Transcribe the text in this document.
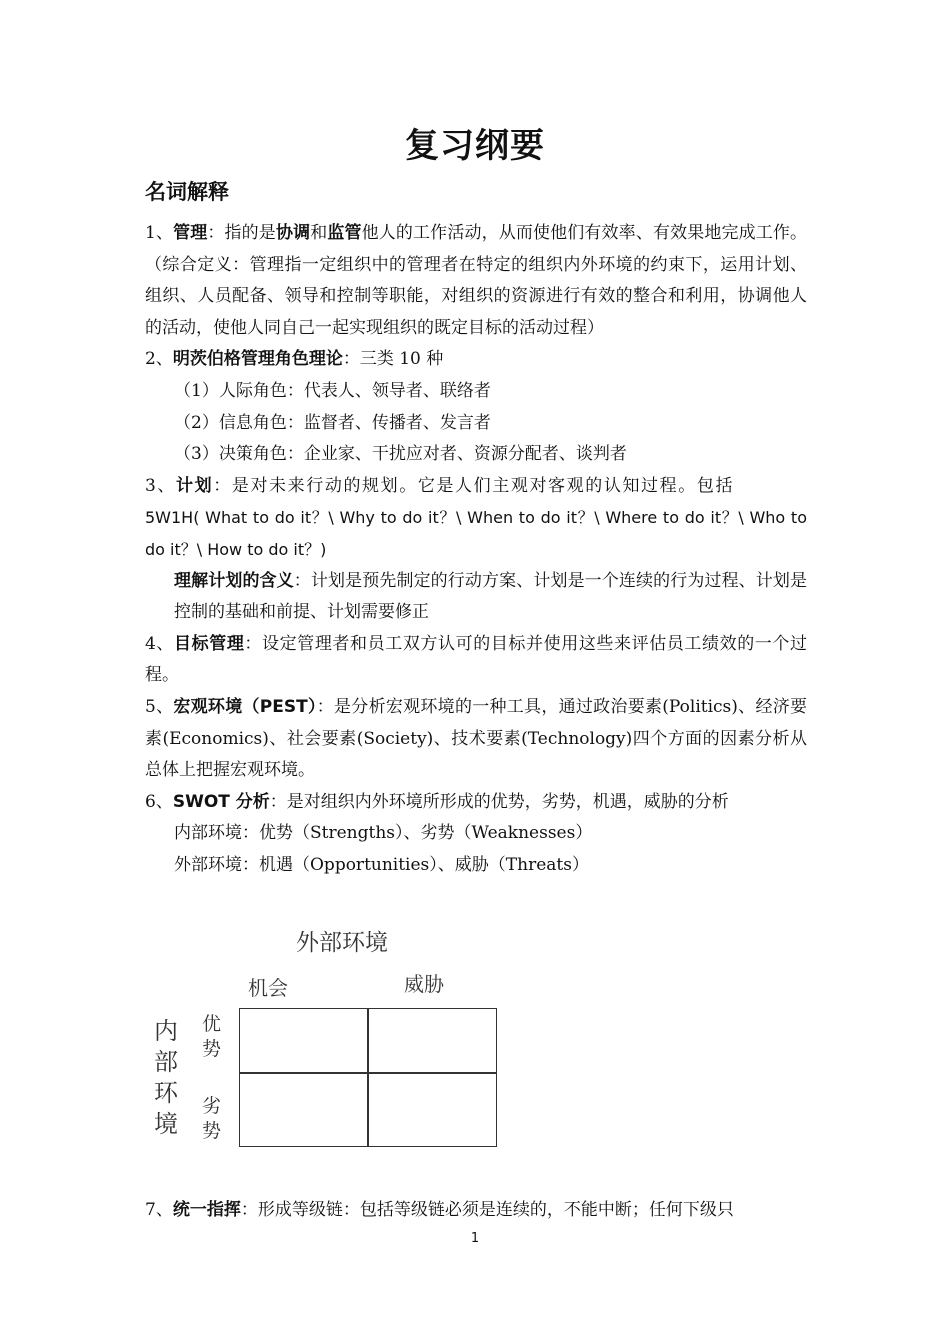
复习纲要
名词解释

1、管理：指的是协调和监管他人的工作活动，从而使他们有效率、有效果地完成工作。（综合定义：管理指一定组织中的管理者在特定的组织内外环境的约束下，运用计划、组织、人员配备、领导和控制等职能，对组织的资源进行有效的整合和利用，协调他人的活动，使他人同自己一起实现组织的既定目标的活动过程）

2、明茨伯格管理角色理论：三类 10 种

（1）人际角色：代表人、领导者、联络者

（2）信息角色：监督者、传播者、发言者

（3）决策角色：企业家、干扰应对者、资源分配者、谈判者

3、计划：是对未来行动的规划。它是人们主观对客观的认知过程。包括

5W1H( What to do it？\ Why to do it？\ When to do it？\ Where to do it？\ Who to do it？\ How to do it？)

理解计划的含义：计划是预先制定的行动方案、计划是一个连续的行为过程、计划是控制的基础和前提、计划需要修正

4、目标管理：设定管理者和员工双方认可的目标并使用这些来评估员工绩效的一个过程。

5、宏观环境（PEST）：是分析宏观环境的一种工具，通过政治要素(Politics)、经济要素(Economics)、社会要素(Society)、技术要素(Technology)四个方面的因素分析从总体上把握宏观环境。

6、SWOT 分析：是对组织内外环境所形成的优势，劣势，机遇，威胁的分析

内部环境：优势（Strengths）、劣势（Weaknesses）

外部环境：机遇（Opportunities）、威胁（Threats）

外部环境
机会	威胁
内部环境
优势
劣势

7、统一指挥：形成等级链：包括等级链必须是连续的，不能中断；任何下级只

1
